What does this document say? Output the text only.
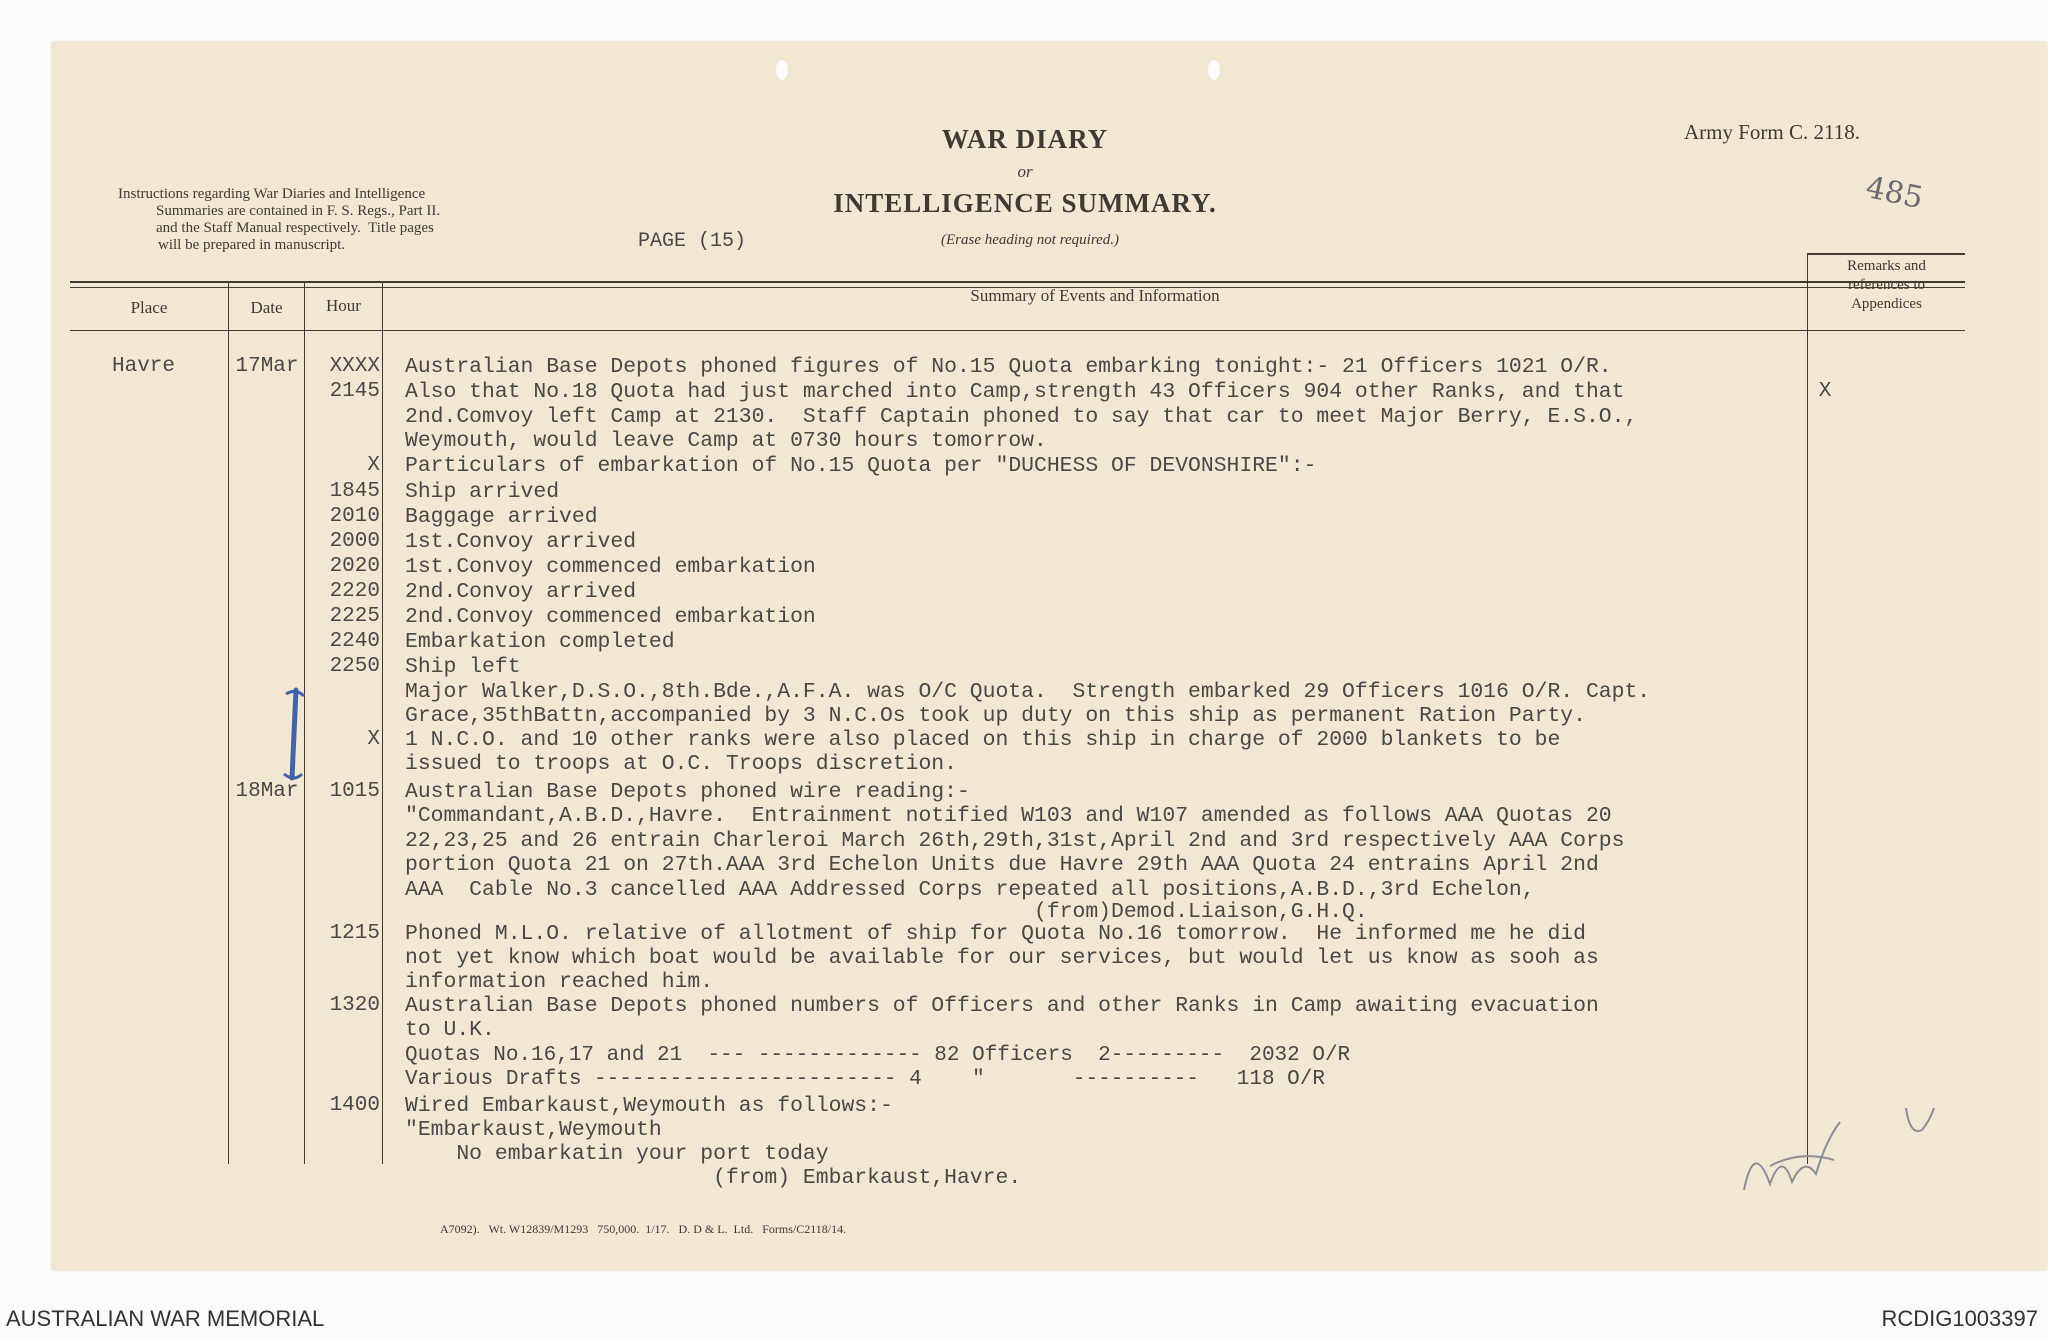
Instructions regarding War Diaries and Intelligence
Summaries are contained in F. S. Regs., Part II.
and the Staff Manual respectively.  Title pages
will be prepared in manuscript.
WAR DIARY
or
INTELLIGENCE SUMMARY.
(Erase heading not required.)
PAGE (15)
Army Form C. 2118.
485
Place	Date	Hour
Summary of Events and Information
Remarks and
references to
Appendices
Havre	17Mar	XXXX Australian Base Depots phoned figures of No.15 Quota embarking tonight:- 21 Officers 1021 O/R.
2145 Also that No.18 Quota had just marched into Camp,strength 43 Officers 904 other Ranks, and that	X
2nd.Comvoy left Camp at 2130.  Staff Captain phoned to say that car to meet Major Berry, E.S.O.,
Weymouth, would leave Camp at 0730 hours tomorrow.
X Particulars of embarkation of No.15 Quota per "DUCHESS OF DEVONSHIRE":-
1845 Ship arrived
2010 Baggage arrived
2000 1st.Convoy arrived
2020 1st.Convoy commenced embarkation
2220 2nd.Convoy arrived
2225 2nd.Convoy commenced embarkation
2240 Embarkation completed
2250 Ship left
Major Walker,D.S.O.,8th.Bde.,A.F.A. was O/C Quota.  Strength embarked 29 Officers 1016 O/R. Capt.
Grace,35thBattn,accompanied by 3 N.C.Os took up duty on this ship as permanent Ration Party.
X 1 N.C.O. and 10 other ranks were also placed on this ship in charge of 2000 blankets to be
issued to troops at O.C. Troops discretion.
18Mar	1015 Australian Base Depots phoned wire reading:-
"Commandant,A.B.D.,Havre.  Entrainment notified W103 and W107 amended as follows AAA Quotas 20
22,23,25 and 26 entrain Charleroi March 26th,29th,31st,April 2nd and 3rd respectively AAA Corps
portion Quota 21 on 27th.AAA 3rd Echelon Units due Havre 29th AAA Quota 24 entrains April 2nd
AAA  Cable No.3 cancelled AAA Addressed Corps repeated all positions,A.B.D.,3rd Echelon,
(from)Demod.Liaison,G.H.Q.
1215 Phoned M.L.O. relative of allotment of ship for Quota No.16 tomorrow.  He informed me he did
not yet know which boat would be available for our services, but would let us know as sooh as
information reached him.
1320 Australian Base Depots phoned numbers of Officers and other Ranks in Camp awaiting evacuation
to U.K.
Quotas No.16,17 and 21  --- ------------- 82 Officers  2---------  2032 O/R
Various Drafts ------------------------ 4    "       ----------   118 O/R
1400 Wired Embarkaust,Weymouth as follows:-
"Embarkaust,Weymouth
No embarkatin your port today
(from) Embarkaust,Havre.
A7092).   Wt. W12839/M1293   750,000.  1/17.   D. D & L.  Ltd.   Forms/C2118/14.
AUSTRALIAN WAR MEMORIAL	RCDIG1003397
